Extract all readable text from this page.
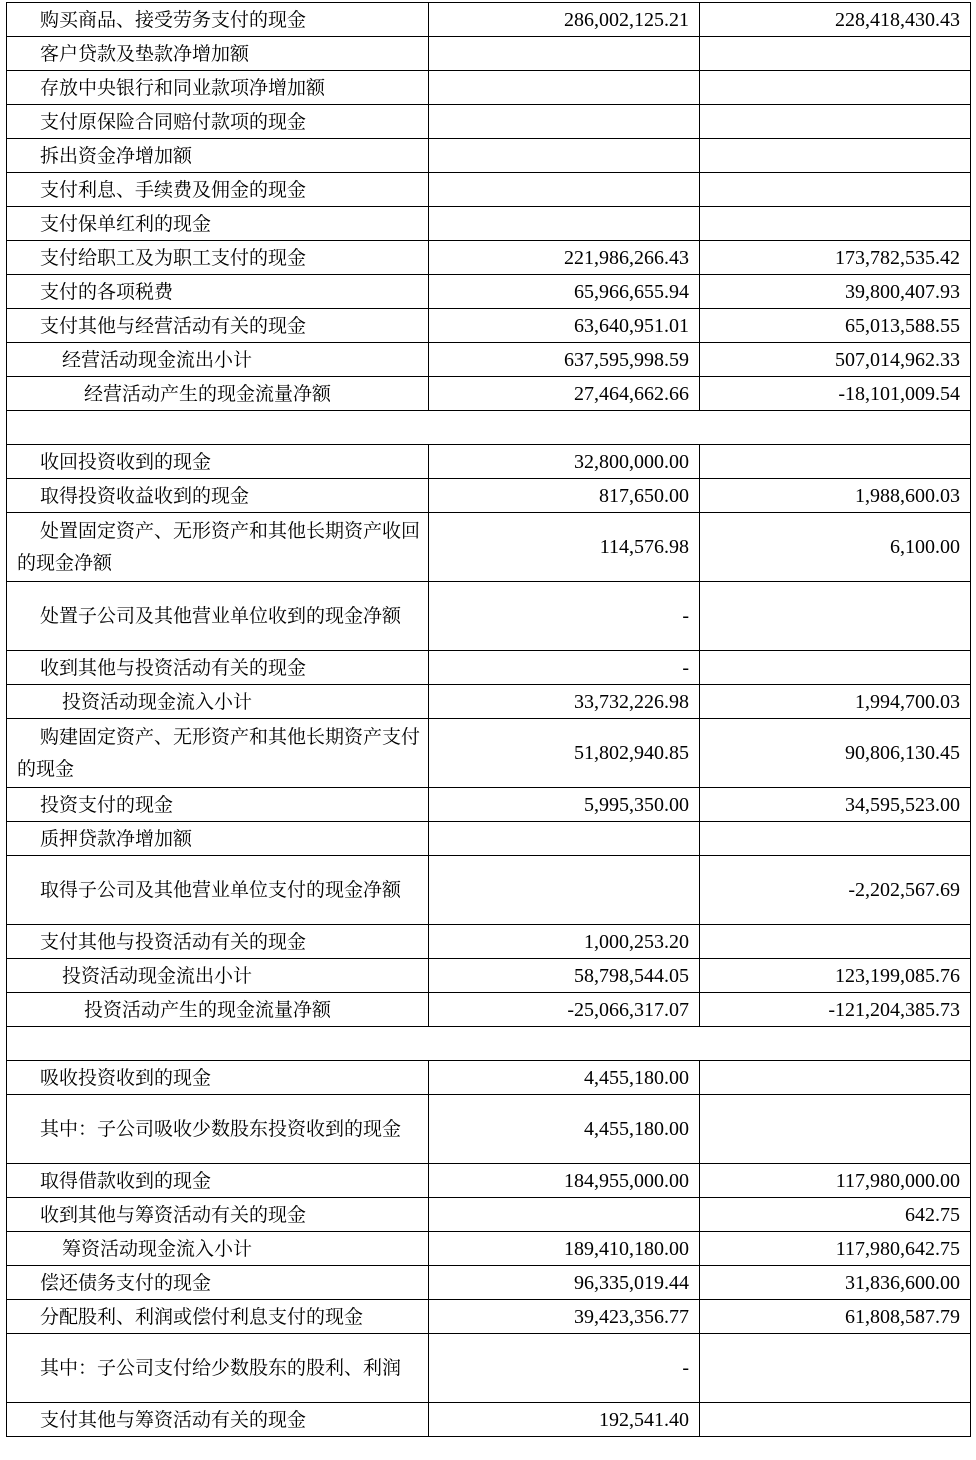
购买商品、接受劳务支付的现金	286,002,125.21	228,418,430.43
客户贷款及垫款净增加额		
存放中央银行和同业款项净增加额		
支付原保险合同赔付款项的现金		
拆出资金净增加额		
支付利息、手续费及佣金的现金		
支付保单红利的现金		
支付给职工及为职工支付的现金	221,986,266.43	173,782,535.42
支付的各项税费	65,966,655.94	39,800,407.93
支付其他与经营活动有关的现金	63,640,951.01	65,013,588.55
经营活动现金流出小计	637,595,998.59	507,014,962.33
经营活动产生的现金流量净额	27,464,662.66	-18,101,009.54

收回投资收到的现金	32,800,000.00	
取得投资收益收到的现金	817,650.00	1,988,600.03
处置固定资产、无形资产和其他长期资产收回的现金净额	114,576.98	6,100.00
处置子公司及其他营业单位收到的现金净额	-	
收到其他与投资活动有关的现金	-	
投资活动现金流入小计	33,732,226.98	1,994,700.03
购建固定资产、无形资产和其他长期资产支付的现金	51,802,940.85	90,806,130.45
投资支付的现金	5,995,350.00	34,595,523.00
质押贷款净增加额		
取得子公司及其他营业单位支付的现金净额		-2,202,567.69
支付其他与投资活动有关的现金	1,000,253.20	
投资活动现金流出小计	58,798,544.05	123,199,085.76
投资活动产生的现金流量净额	-25,066,317.07	-121,204,385.73

吸收投资收到的现金	4,455,180.00	
其中：子公司吸收少数股东投资收到的现金	4,455,180.00	
取得借款收到的现金	184,955,000.00	117,980,000.00
收到其他与筹资活动有关的现金		642.75
筹资活动现金流入小计	189,410,180.00	117,980,642.75
偿还债务支付的现金	96,335,019.44	31,836,600.00
分配股利、利润或偿付利息支付的现金	39,423,356.77	61,808,587.79
其中：子公司支付给少数股东的股利、利润	-	
支付其他与筹资活动有关的现金	192,541.40	
